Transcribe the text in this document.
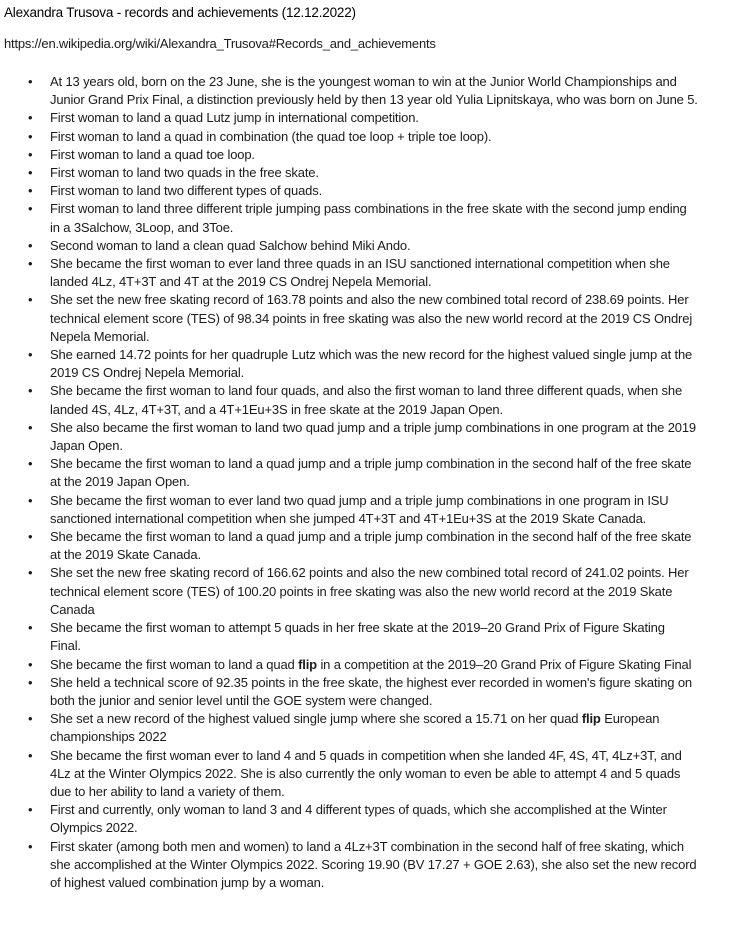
Alexandra Trusova - records and achievements (12.12.2022)
https://en.wikipedia.org/wiki/Alexandra_Trusova#Records_and_achievements
• At 13 years old, born on the 23 June, she is the youngest woman to win at the Junior World Championships and Junior Grand Prix Final, a distinction previously held by then 13 year old Yulia Lipnitskaya, who was born on June 5.
• First woman to land a quad Lutz jump in international competition.
• First woman to land a quad in combination (the quad toe loop + triple toe loop).
• First woman to land a quad toe loop.
• First woman to land two quads in the free skate.
• First woman to land two different types of quads.
• First woman to land three different triple jumping pass combinations in the free skate with the second jump ending in a 3Salchow, 3Loop, and 3Toe.
• Second woman to land a clean quad Salchow behind Miki Ando.
• She became the first woman to ever land three quads in an ISU sanctioned international competition when she landed 4Lz, 4T+3T and 4T at the 2019 CS Ondrej Nepela Memorial.
• She set the new free skating record of 163.78 points and also the new combined total record of 238.69 points. Her technical element score (TES) of 98.34 points in free skating was also the new world record at the 2019 CS Ondrej Nepela Memorial.
• She earned 14.72 points for her quadruple Lutz which was the new record for the highest valued single jump at the 2019 CS Ondrej Nepela Memorial.
• She became the first woman to land four quads, and also the first woman to land three different quads, when she landed 4S, 4Lz, 4T+3T, and a 4T+1Eu+3S in free skate at the 2019 Japan Open.
• She also became the first woman to land two quad jump and a triple jump combinations in one program at the 2019 Japan Open.
• She became the first woman to land a quad jump and a triple jump combination in the second half of the free skate at the 2019 Japan Open.
• She became the first woman to ever land two quad jump and a triple jump combinations in one program in ISU sanctioned international competition when she jumped 4T+3T and 4T+1Eu+3S at the 2019 Skate Canada.
• She became the first woman to land a quad jump and a triple jump combination in the second half of the free skate at the 2019 Skate Canada.
• She set the new free skating record of 166.62 points and also the new combined total record of 241.02 points. Her technical element score (TES) of 100.20 points in free skating was also the new world record at the 2019 Skate Canada
• She became the first woman to attempt 5 quads in her free skate at the 2019–20 Grand Prix of Figure Skating Final.
• She became the first woman to land a quad flip in a competition at the 2019–20 Grand Prix of Figure Skating Final
• She held a technical score of 92.35 points in the free skate, the highest ever recorded in women's figure skating on both the junior and senior level until the GOE system were changed.
• She set a new record of the highest valued single jump where she scored a 15.71 on her quad flip European championships 2022
• She became the first woman ever to land 4 and 5 quads in competition when she landed 4F, 4S, 4T, 4Lz+3T, and 4Lz at the Winter Olympics 2022. She is also currently the only woman to even be able to attempt 4 and 5 quads due to her ability to land a variety of them.
• First and currently, only woman to land 3 and 4 different types of quads, which she accomplished at the Winter Olympics 2022.
• First skater (among both men and women) to land a 4Lz+3T combination in the second half of free skating, which she accomplished at the Winter Olympics 2022. Scoring 19.90 (BV 17.27 + GOE 2.63), she also set the new record of highest valued combination jump by a woman.
